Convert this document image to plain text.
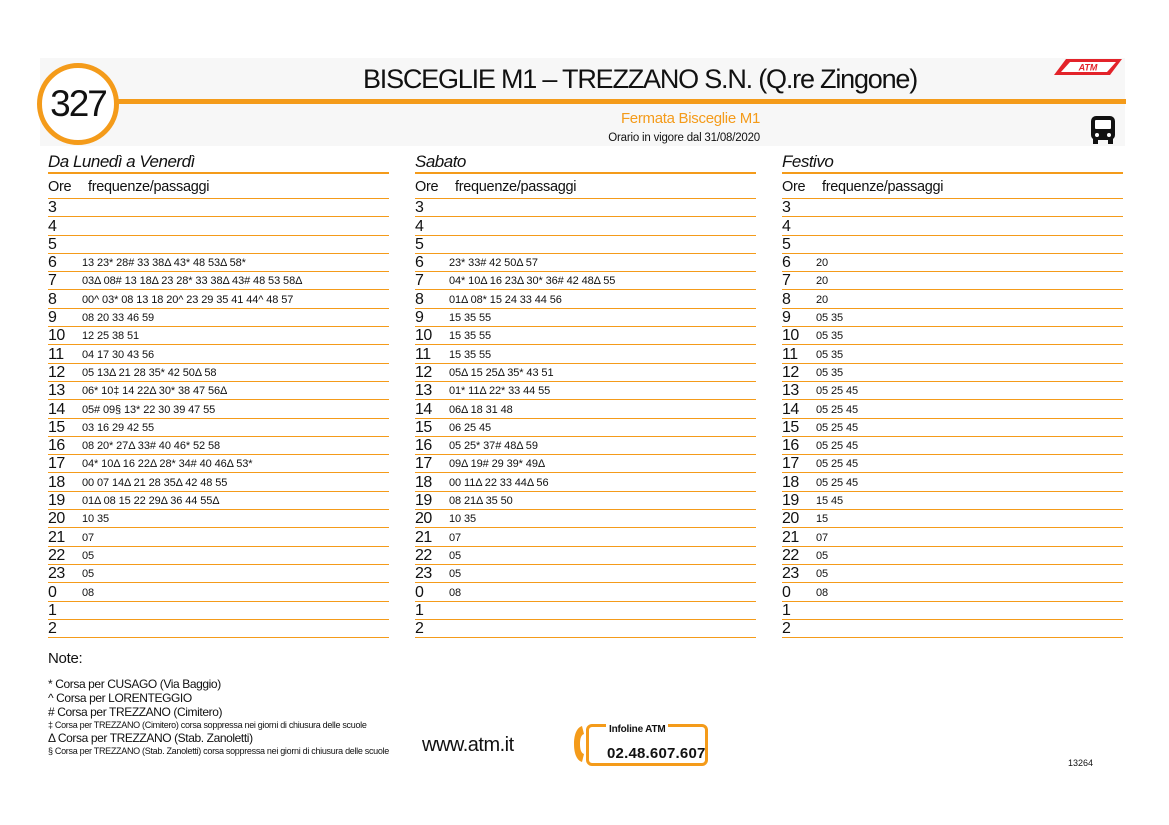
327
BISCEGLIE M1 – TREZZANO S.N. (Q.re Zingone)	ATM
Fermata Bisceglie M1
Orario in vigore dal 31/08/2020
Da Lunedì a Venerdì
Ore	frequenze/passaggi
3
4
5
6	13 23* 28# 33 38Δ 43* 48 53Δ 58*
7	03Δ 08# 13 18Δ 23 28* 33 38Δ 43# 48 53 58Δ
8	00^ 03* 08 13 18 20^ 23 29 35 41 44^ 48 57
9	08 20 33 46 59
10	12 25 38 51
11	04 17 30 43 56
12	05 13Δ 21 28 35* 42 50Δ 58
13	06* 10‡ 14 22Δ 30* 38 47 56Δ
14	05# 09§ 13* 22 30 39 47 55
15	03 16 29 42 55
16	08 20* 27Δ 33# 40 46* 52 58
17	04* 10Δ 16 22Δ 28* 34# 40 46Δ 53*
18	00 07 14Δ 21 28 35Δ 42 48 55
19	01Δ 08 15 22 29Δ 36 44 55Δ
20	10 35
21	07
22	05
23	05
0	08
1
2
Sabato
Ore	frequenze/passaggi
3
4
5
6	23* 33# 42 50Δ 57
7	04* 10Δ 16 23Δ 30* 36# 42 48Δ 55
8	01Δ 08* 15 24 33 44 56
9	15 35 55
10	15 35 55
11	15 35 55
12	05Δ 15 25Δ 35* 43 51
13	01* 11Δ 22* 33 44 55
14	06Δ 18 31 48
15	06 25 45
16	05 25* 37# 48Δ 59
17	09Δ 19# 29 39* 49Δ
18	00 11Δ 22 33 44Δ 56
19	08 21Δ 35 50
20	10 35
21	07
22	05
23	05
0	08
1
2
Festivo
Ore	frequenze/passaggi
3
4
5
6	20
7	20
8	20
9	05 35
10	05 35
11	05 35
12	05 35
13	05 25 45
14	05 25 45
15	05 25 45
16	05 25 45
17	05 25 45
18	05 25 45
19	15 45
20	15
21	07
22	05
23	05
0	08
1
2
Note:
* Corsa per CUSAGO (Via Baggio)
^ Corsa per LORENTEGGIO
# Corsa per TREZZANO (Cimitero)
‡ Corsa per TREZZANO (Cimitero) corsa soppressa nei giorni di chiusura delle scuole
Δ Corsa per TREZZANO (Stab. Zanoletti)
§ Corsa per TREZZANO (Stab. Zanoletti) corsa soppressa nei giorni di chiusura delle scuole	www.atm.it
Infoline ATM
02.48.607.607
13264
